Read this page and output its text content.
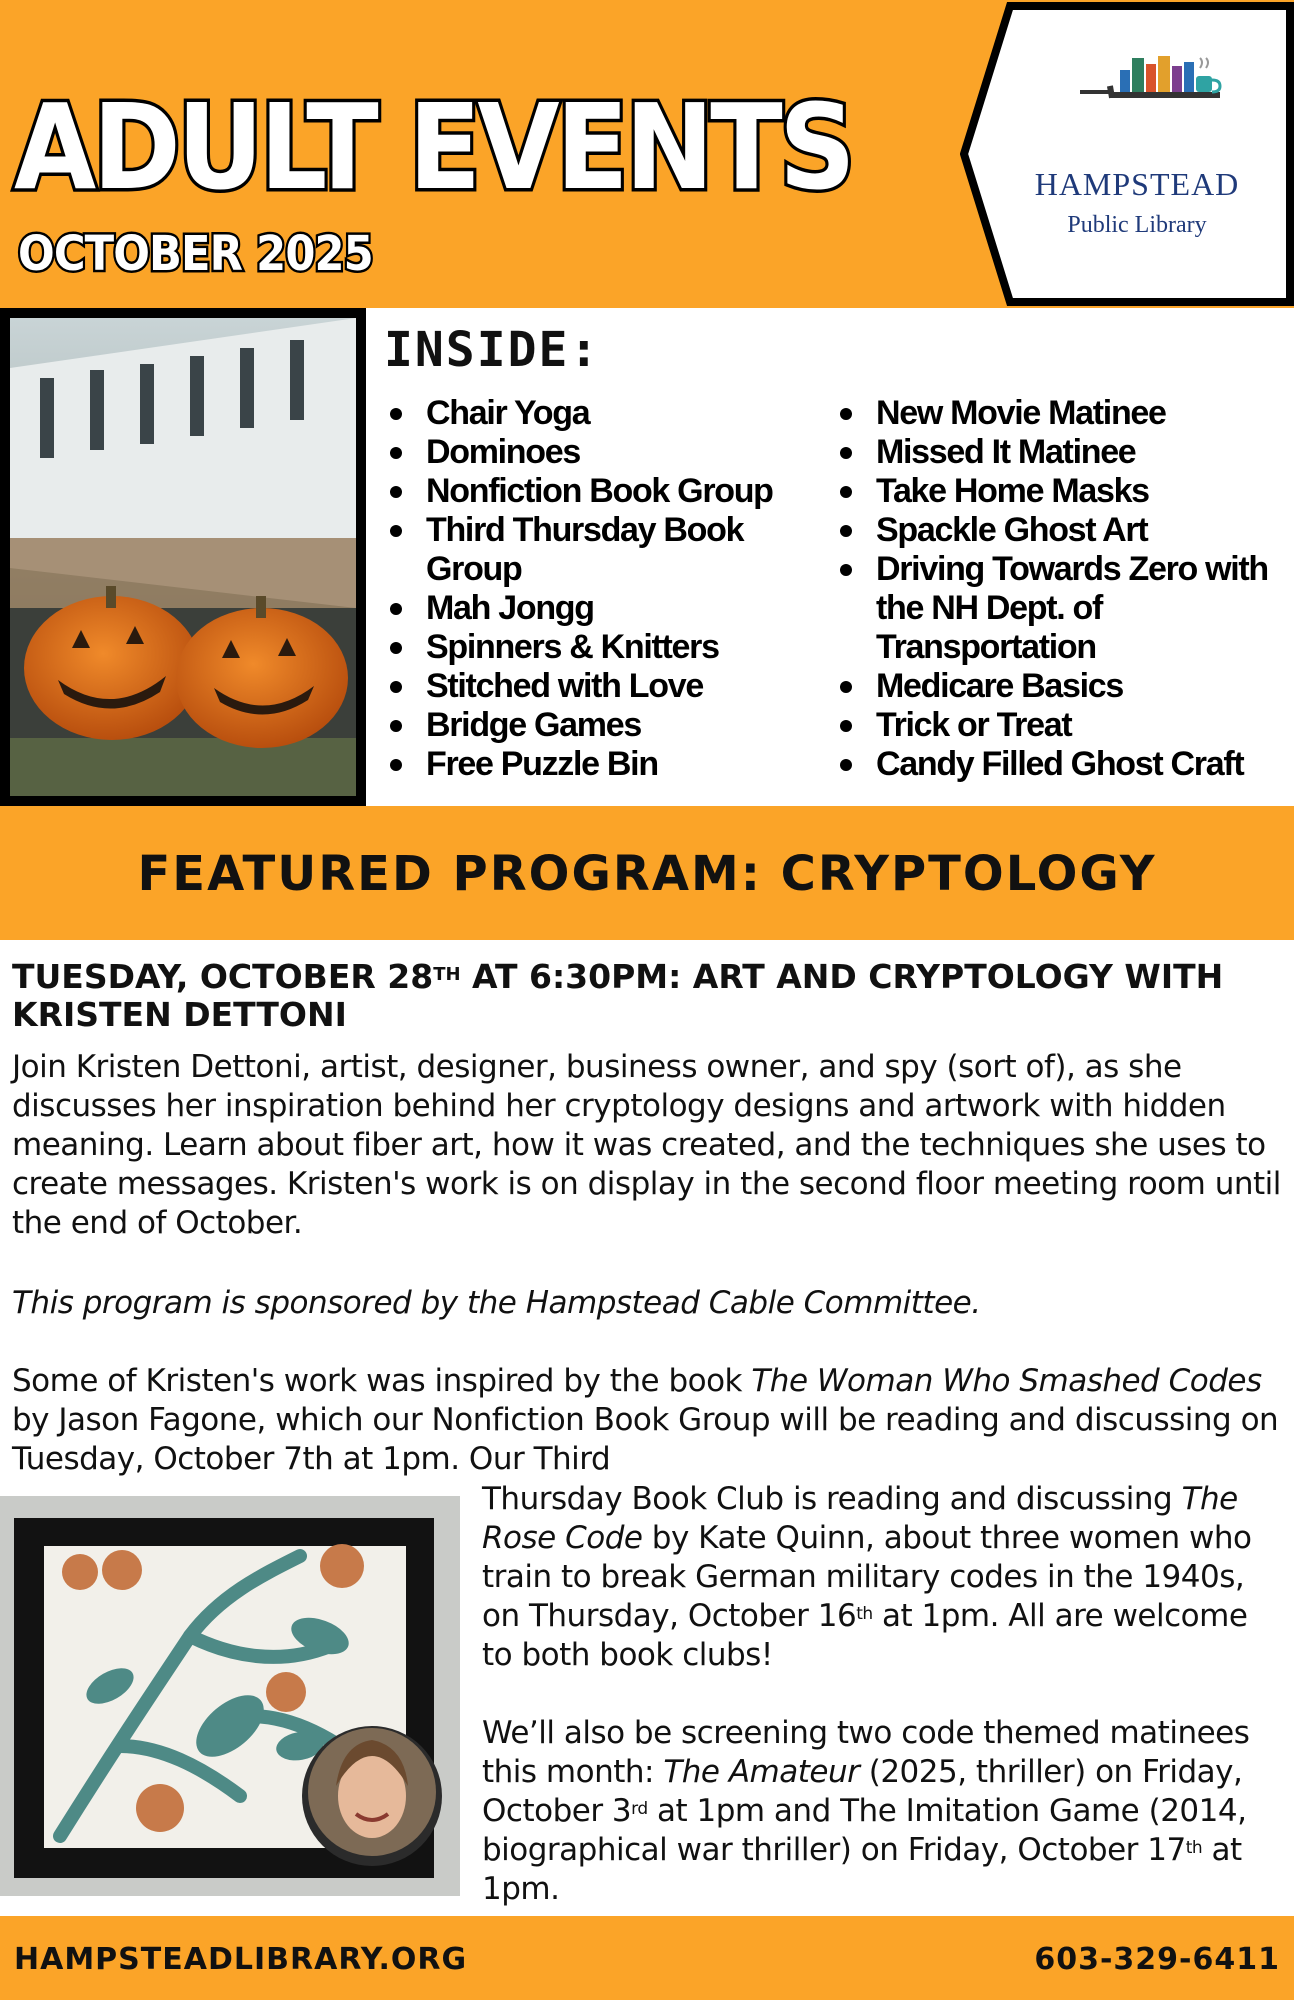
ADULT EVENTS
OCTOBER 2025
HAMPSTEAD
Public Library
INSIDE:
Chair Yoga
Dominoes
Nonfiction Book Group
Third Thursday Book Group
Mah Jongg
Spinners & Knitters
Stitched with Love
Bridge Games
Free Puzzle Bin
New Movie Matinee
Missed It Matinee
Take Home Masks
Spackle Ghost Art
Driving Towards Zero with the NH Dept. of Transportation
Medicare Basics
Trick or Treat
Candy Filled Ghost Craft
FEATURED PROGRAM: CRYPTOLOGY
TUESDAY, OCTOBER 28TH AT 6:30PM: ART AND CRYPTOLOGY WITH KRISTEN DETTONI
Join Kristen Dettoni, artist, designer, business owner, and spy (sort of), as she discusses her inspiration behind her cryptology designs and artwork with hidden meaning. Learn about fiber art, how it was created, and the techniques she uses to create messages. Kristen's work is on display in the second floor meeting room until the end of October.
This program is sponsored by the Hampstead Cable Committee.
Some of Kristen's work was inspired by the book The Woman Who Smashed Codes by Jason Fagone, which our Nonfiction Book Group will be reading and discussing on Tuesday, October 7th at 1pm. Our Third
Thursday Book Club is reading and discussing The Rose Code by Kate Quinn, about three women who train to break German military codes in the 1940s, on Thursday, October 16th at 1pm. All are welcome to both book clubs!
We’ll also be screening two code themed matinees this month: The Amateur (2025, thriller) on Friday, October 3rd at 1pm and The Imitation Game (2014, biographical war thriller) on Friday, October 17th at 1pm.
HAMPSTEADLIBRARY.ORG	603-329-6411
